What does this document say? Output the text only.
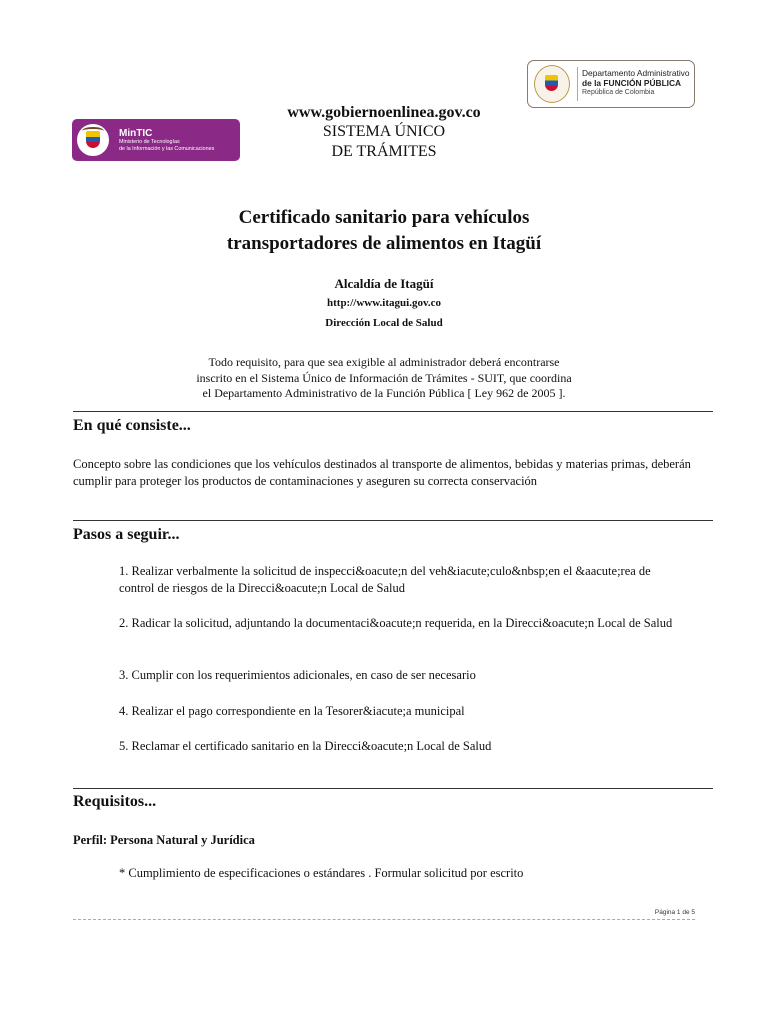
MinTIC
Ministerio de Tecnologías
de la Información y las Comunicaciones
Departamento Administrativo
de la FUNCIÓN PÚBLICA
República de Colombia
www.gobiernoenlinea.gov.co
SISTEMA ÚNICO
DE TRÁMITES
Certificado sanitario para vehículos
transportadores de alimentos en Itagüí
Alcaldía de Itagüí
http://www.itagui.gov.co
Dirección Local de Salud
Todo requisito, para que sea exigible al administrador deberá encontrarse
inscrito en el Sistema Único de Información de Trámites - SUIT, que coordina
el Departamento Administrativo de la Función Pública [ Ley 962 de 2005 ].
En qué consiste...
Concepto sobre las condiciones que los vehículos destinados al transporte de alimentos, bebidas y materias primas, deberán cumplir para proteger los productos de contaminaciones y aseguren su correcta conservación
Pasos a seguir...
1. Realizar verbalmente la solicitud de inspecci&oacute;n del veh&iacute;culo&nbsp;en el &aacute;rea de control de riesgos de la Direcci&oacute;n Local de Salud
2. Radicar la solicitud, adjuntando la documentaci&oacute;n requerida, en la Direcci&oacute;n Local de Salud
3. Cumplir con los requerimientos adicionales, en caso de ser necesario
4. Realizar el pago correspondiente en la Tesorer&iacute;a municipal
5. Reclamar el certificado sanitario en la Direcci&oacute;n Local de Salud
Requisitos...
Perfil: Persona Natural y Jurídica
* Cumplimiento de especificaciones o estándares . Formular solicitud por escrito
Página 1 de 5
